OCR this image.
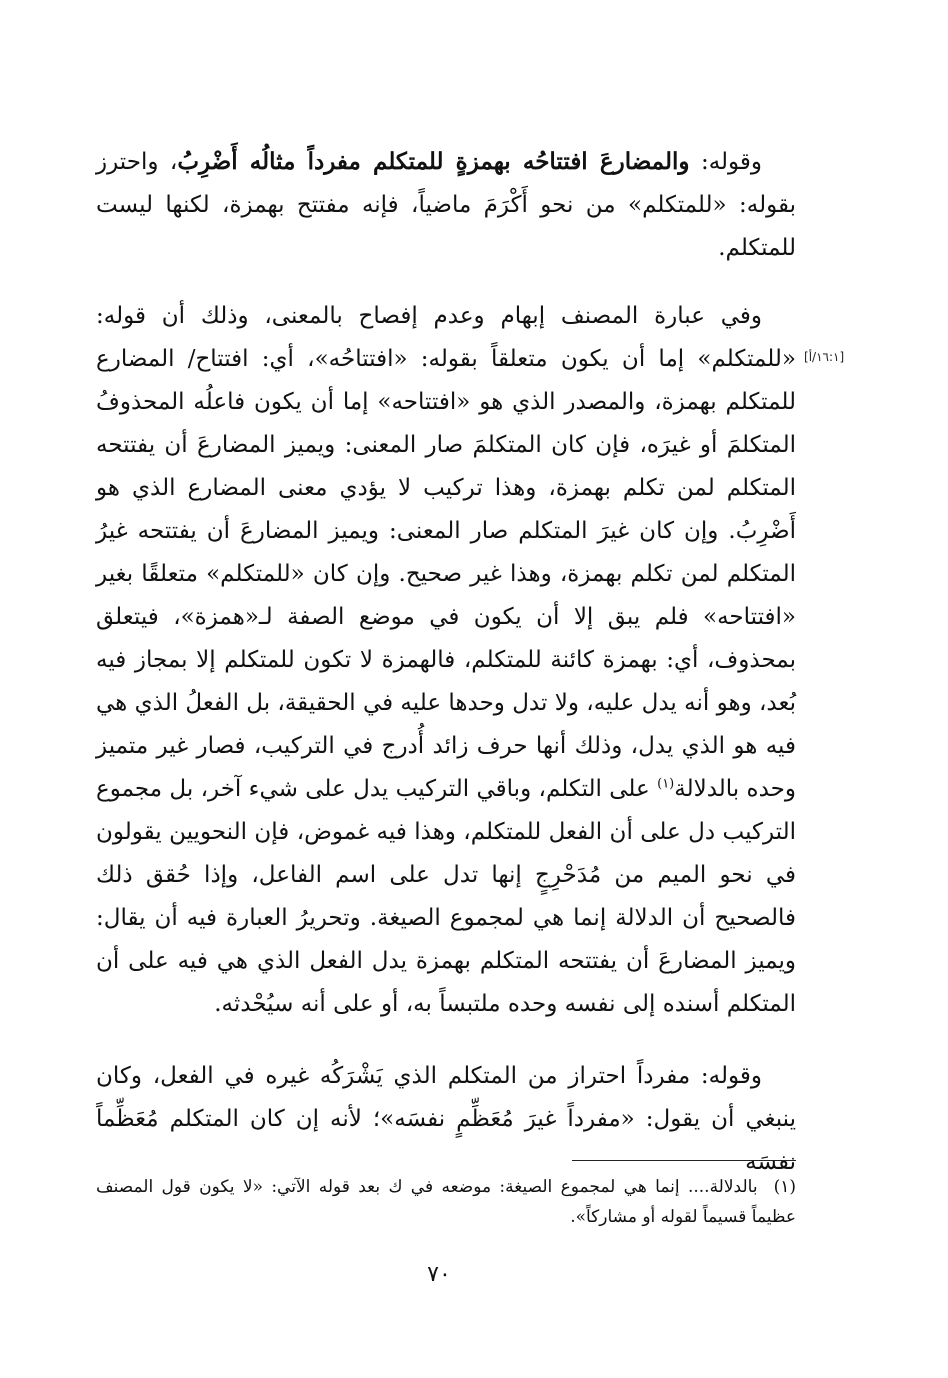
وقوله: والمضارعَ افتتاحُه بهمزةٍ للمتكلم مفرداً مثالُه أَضْرِبُ، واحترز بقوله: «للمتكلم» من نحو أَكْرَمَ ماضياً، فإنه مفتتح بهمزة، لكنها ليست للمتكلم.

[١٦:١/أ]

وفي عبارة المصنف إبهام وعدم إفصاح بالمعنى، وذلك أن قوله: «للمتكلم» إما أن يكون متعلقاً بقوله: «افتتاحُه»، أي: افتتاح/ المضارع للمتكلم بهمزة، والمصدر الذي هو «افتتاحه» إما أن يكون فاعلُه المحذوفُ المتكلمَ أو غيرَه، فإن كان المتكلمَ صار المعنى: ويميز المضارعَ أن يفتتحه المتكلم لمن تكلم بهمزة، وهذا تركيب لا يؤدي معنى المضارع الذي هو أَضْرِبُ. وإن كان غيرَ المتكلم صار المعنى: ويميز المضارعَ أن يفتتحه غيرُ المتكلم لمن تكلم بهمزة، وهذا غير صحيح. وإن كان «للمتكلم» متعلقًا بغير «افتتاحه» فلم يبق إلا أن يكون في موضع الصفة لـ«همزة»، فيتعلق بمحذوف، أي: بهمزة كائنة للمتكلم، فالهمزة لا تكون للمتكلم إلا بمجاز فيه بُعد، وهو أنه يدل عليه، ولا تدل وحدها عليه في الحقيقة، بل الفعلُ الذي هي فيه هو الذي يدل، وذلك أنها حرف زائد أُدرج في التركيب، فصار غير متميز وحده بالدلالة$^{(١)}$ على التكلم، وباقي التركيب يدل على شيء آخر، بل مجموع التركيب دل على أن الفعل للمتكلم، وهذا فيه غموض، فإن النحويين يقولون في نحو الميم من مُدَحْرِجٍ إنها تدل على اسم الفاعل، وإذا حُقق ذلك فالصحيح أن الدلالة إنما هي لمجموع الصيغة. وتحريرُ العبارة فيه أن يقال: ويميز المضارعَ أن يفتتحه المتكلم بهمزة يدل الفعل الذي هي فيه على أن المتكلم أسنده إلى نفسه وحده ملتبساً به، أو على أنه سيُحْدثه.

وقوله: مفرداً احتراز من المتكلم الذي يَشْرَكُه غيره في الفعل، وكان ينبغي أن يقول: «مفرداً غيرَ مُعَظِّمٍ نفسَه»؛ لأنه إن كان المتكلم مُعَظِّماً نفسَه

(١)بالدلالة.... إنما هي لمجموع الصيغة: موضعه في ك بعد قوله الآتي: «لا يكون قول المصنف عظيماً قسيماً لقوله أو مشاركاً».

٧٠
